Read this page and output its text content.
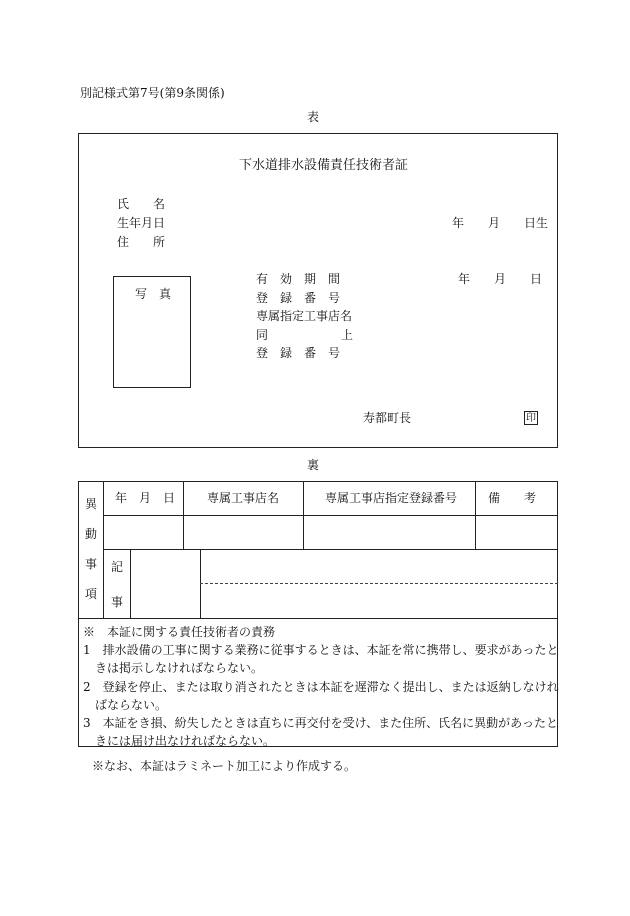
別記様式第7号(第9条関係)
表
下水道排水設備責任技術者証
氏　　名
生年月日	年　　月　　日生
住　　所
写　真
有　効　期　間	年　　月　　日
登　録　番　号
専属指定工事店名
同	上
登　録　番　号
寿都町長	印
裏
異
動
事
項
年　月　日	専属工事店名	専属工事店指定登録番号	備　　考
記
事
※　本証に関する責任技術者の責務
1　排水設備の工事に関する業務に従事するときは、本証を常に携帯し、要求があったと
　きは掲示しなければならない。
2　登録を停止、または取り消されたときは本証を遅滞なく提出し、または返納しなけれ
　ばならない。
3　本証をき損、紛失したときは直ちに再交付を受け、また住所、氏名に異動があったと
　きには届け出なければならない。
※なお、本証はラミネート加工により作成する。
